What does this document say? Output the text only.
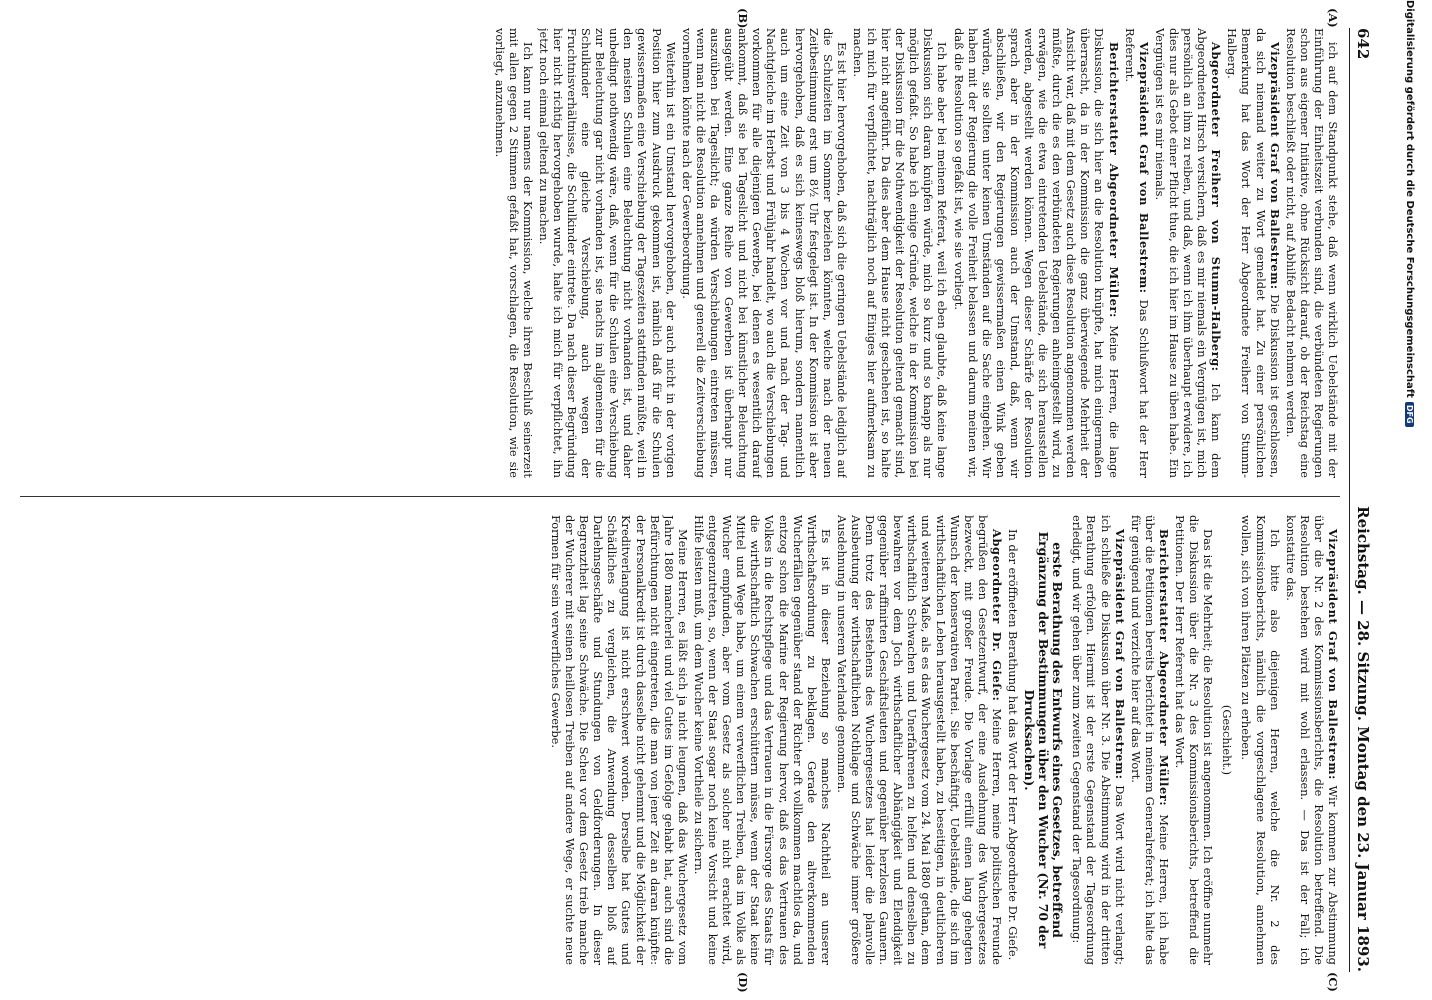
642
Reichstag. — 28. Sitzung. Montag den 23. Januar 1893.
(A)
(B)
(C)
(D)

ich auf dem Standpunkt stehe, daß wenn wirklich Uebelstände mit der Einführung der Einheitszeit verbunden sind, die verbündeten Regierungen schon aus eigener Initiative, ohne Rücksicht darauf, ob der Reichstag eine Resolution beschließt oder nicht, auf Abhilfe Bedacht nehmen werden.

Vizepräsident Graf von Ballestrem: Die Diskussion ist geschlossen, da sich niemand weiter zu Wort gemeldet hat. Zu einer persönlichen Bemerkung hat das Wort der Herr Abgeordnete Freiherr von Stumm-Halberg.

Abgeordneter Freiherr von Stumm-Halberg: Ich kann dem Abgeordneten Hirsch versichern, daß es mir niemals ein Vergnügen ist, mich persönlich an ihm zu reiben, und daß, wenn ich ihm überhaupt erwidere, ich dies nur als Gebot einer Pflicht thue, die ich hier im Hause zu üben habe. Ein Vergnügen ist es mir niemals.

Vizepräsident Graf von Ballestrem: Das Schlußwort hat der Herr Referent.

Berichterstatter Abgeordneter Müller: Meine Herren, die lange Diskussion, die sich hier an die Resolution knüpfte, hat mich einigermaßen überrascht, da in der Kommission die ganz überwiegende Mehrheit der Ansicht war, daß mit dem Gesetz auch diese Resolution angenommen werden müßte, durch die es den verbündeten Regierungen anheimgestellt wird, zu erwägen, wie die etwa eintretenden Uebelstände, die sich herausstellen werden, abgestellt werden können. Wegen dieser Schärfe der Resolution sprach aber in der Kommission auch der Umstand, daß, wenn wir abschließen, wir den Regierungen gewissermaßen einen Wink geben würden, sie sollten unter keinen Umständen auf die Sache eingehen. Wir haben mit der Regierung die volle Freiheit belassen und darum meinen wir, daß die Resolution so gefaßt ist, wie sie vorliegt.

Ich habe aber bei meinem Referat, weil ich eben glaubte, daß keine lange Diskussion sich daran knüpfen würde, mich so kurz und so knapp als nur möglich gefaßt. So habe ich einige Gründe, welche in der Kommission bei der Diskussion für die Nothwendigkeit der Resolution geltend gemacht sind, hier nicht angeführt. Da dies aber dem Hause nicht geschehen ist, so halte ich mich für verpflichtet, nachträglich noch auf Einiges hier aufmerksam zu machen.

Es ist hier hervorgehoben, daß sich die geringen Uebelstände lediglich auf die Schulzeiten im Sommer beziehen könnten, welche nach der neuen Zeitbestimmung erst um 8½ Uhr festgelegt ist. In der Kommission ist aber hervorgehoben, daß es sich keineswegs bloß hierum, sondern namentlich auch um eine Zeit von 3 bis 4 Wochen vor und nach der Tag- und Nachtgleiche im Herbst und Frühjahr handelt, wo auch die Verschiebungen vorkommen für alle diejenigen Gewerbe, bei denen es wesentlich darauf ankommt, daß sie bei Tageslicht und nicht bei künstlicher Beleuchtung ausgeübt werden. Eine ganze Reihe von Gewerben ist überhaupt nur auszuüben bei Tageslicht; da würden Verschiebungen eintreten müssen, wenn man nicht die Resolution annehmen und generell die Zeitverschiebung vornehmen könnte nach der Gewerbeordnung.

Weiterhin ist ein Umstand hervorgehoben, der auch nicht in der vorigen Position hier zum Ausdruck gekommen ist, nämlich daß für die Schulen gewissermaßen eine Verschiebung der Tageszeiten stattfinden müßte, weil in den meisten Schulen eine Beleuchtung nicht vorhanden ist, und daher unbedingt nothwendig wäre, daß, wenn für die Schulen eine Verschiebung zur Beleuchtung gar nicht vorhanden ist, sie nachts im allgemeinen für die Schulkinder eine gleiche Verschiebung, auch wegen der Fruchtnisverhältnisse, die Schulkinder eintrete. Da nach dieser Begründung hier nicht richtig hervorgehoben wurde, halte ich mich für verpflichtet, ihn jetzt noch einmal geltend zu machen.

Ich kann nur namens der Kommission, welche ihren Beschluß seinerzeit mit allen gegen 2 Stimmen gefaßt hat, vorschlagen, die Resolution, wie sie vorliegt, anzunehmen.

Vizepräsident Graf von Ballestrem: Wir kommen zur Abstimmung über die Nr. 2 des Kommissionsberichts, die Resolution betreffend. Die Resolution bestehen wird mit wohl erlassen. — Das ist der Fall; ich konstatire das.

Ich bitte also diejenigen Herren, welche die Nr. 2 des Kommissionsberichts, nämlich die vorgeschlagene Resolution, annehmen wollen, sich von ihren Plätzen zu erheben.

(Geschieht.)

Das ist die Mehrheit; die Resolution ist angenommen. Ich eröffne nunmehr die Diskussion über die Nr. 3 des Kommissionsberichts, betreffend die Petitionen. Der Herr Referent hat das Wort.

Berichterstatter Abgeordneter Müller: Meine Herren, ich habe über die Petitionen bereits berichtet in meinem Generalreferat; ich halte das für genügend und verzichte hier auf das Wort.

Vizepräsident Graf von Ballestrem: Das Wort wird nicht verlangt; ich schließe die Diskussion über Nr. 3. Die Abstimmung wird in der dritten Berathung erfolgen. Hiermit ist der erste Gegenstand der Tagesordnung erledigt, und wir gehen über zum zweiten Gegenstand der Tagesordnung:

erste Berathung des Entwurfs eines Gesetzes, betreffend Ergänzung der Bestimmungen über den Wucher (Nr. 70 der Drucksachen).

In der eröffneten Berathung hat das Wort der Herr Abgeordnete Dr. Gieſe.

Abgeordneter Dr. Gieſe: Meine Herren, meine politischen Freunde begrüßen den Gesetzentwurf, der eine Ausdehnung des Wuchergesetzes bezweckt, mit großer Freude. Die Vorlage erfüllt einen lang gehegten Wunsch der konservativen Partei. Sie beschäftigt, Uebelstände, die sich im wirthschaftlichen Leben herausgestellt haben, zu beseitigen, in deutlicheren und weiteren Maße, als es das Wuchergesetz vom 24. Mai 1880 gethan, dem wirthschaftlich Schwachen und Unerfahrenen zu helfen und denselben zu bewahren vor dem Joch wirthschaftlicher Abhängigkeit und Elendigkeit gegenüber raffinirten Geschäftsleuten und gegenüber herzlosen Gaunern. Denn trotz des Bestehens des Wuchergesetzes hat leider die planvolle Ausbeutung der wirthschaftlichen Nothlage und Schwäche immer größere Ausdehnung in unserem Vaterlande genommen.

Es ist in dieser Beziehung so manches Nachtheil an unserer Wirthschaftsordnung zu beklagen. Gerade den altverkommenden Wucherfällen gegenüber stand der Richter oft vollkommen machtlos da, und entzog schon die Marine der Regierung hervor, daß es das Vertrauen des Volkes in die Rechtspflege und das Vertrauen in die Fürsorge des Staats für die wirthschaftlich Schwachen erschüttern müsse, wenn der Staat keine Mittel und Wege habe, um einem verwerflichen Treiben, das im Volke als Wucher empfunden, aber vom Gesetz als solcher nicht erachtet wird, entgegenzutreten, so, wenn der Staat sogar noch keine Vorsicht und keine Hilfe leisten muß, um dem Wucher keine Vortheile zu sichern.

Meine Herren, es läßt sich ja nicht leugnen, daß das Wuchergesetz vom Jahre 1880 mancherlei und viel Gutes im Gefolge gehabt hat, auch sind die Befürchtungen nicht eingetreten, die man von jener Zeit an daran knüpfte: der Personalkredit ist durch dasselbe nicht gehemmt und die Möglichkeit der Kreditverlangung ist nicht erschwert worden. Derselbe hat Gutes und Schädliches zu vergleichen, die Anwendung desselben bloß auf Darlehnsgeschäfte und Stundungen von Geldforderungen. In dieser Begrenztheit lag seine Schwäche. Die Scheu vor dem Gesetz trieb manche der Wucherer mit seinen heillosen Treiben auf andere Wege, er suchte neue Formen für sein verwerfliches Gewerbe.

Digitalisierung gefördert durch die Deutsche ForschungsgemeinschaftDFG
